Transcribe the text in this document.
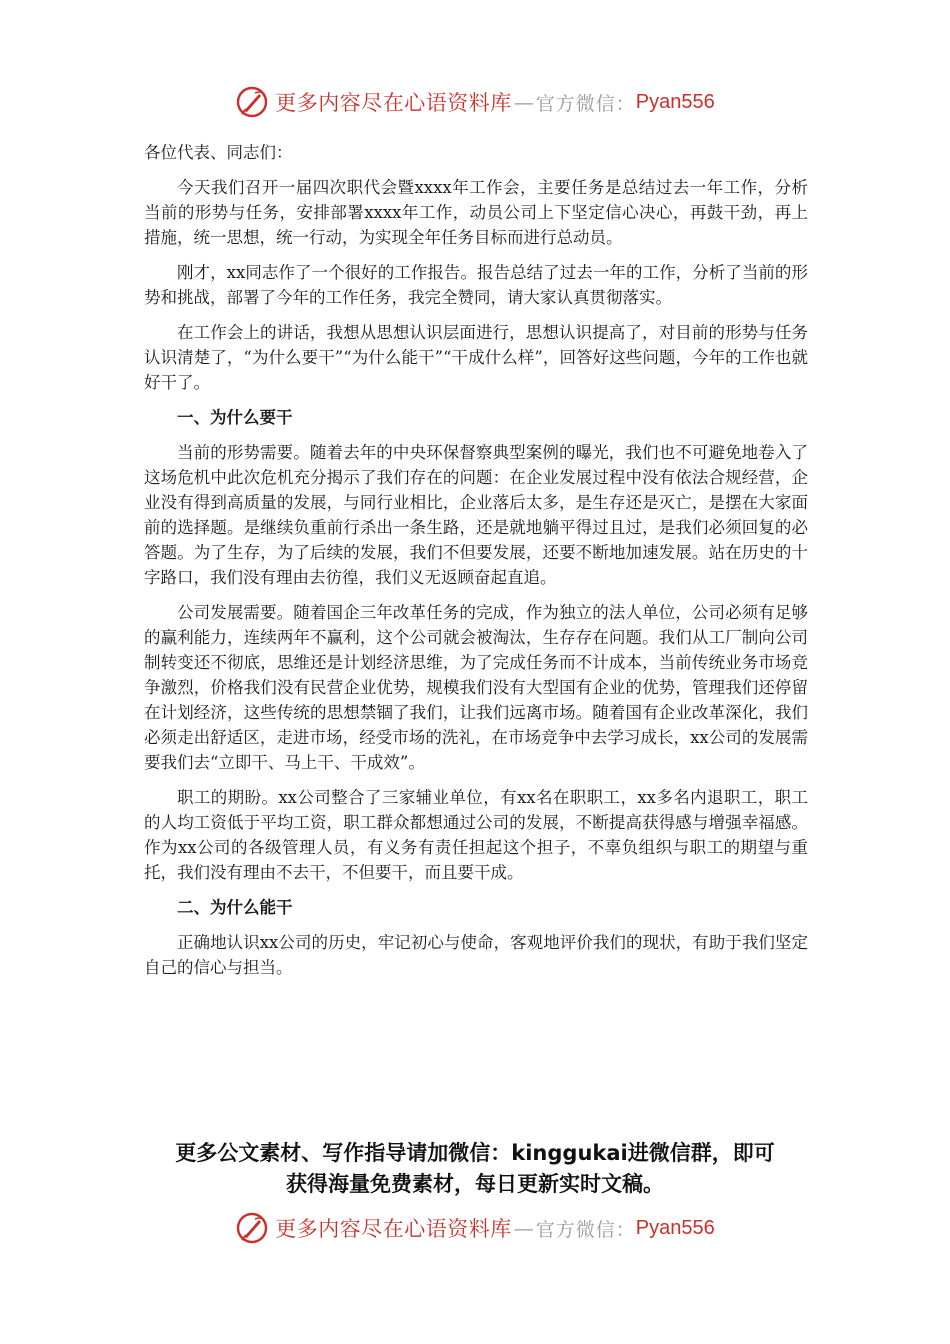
更多内容尽在心语资料库 — 官方微信： Pyan556

各位代表、同志们：

今天我们召开一届四次职代会暨xxxx年工作会，主要任务是总结过去一年工作，分析当前的形势与任务，安排部署xxxx年工作，动员公司上下坚定信心决心，再鼓干劲，再上措施，统一思想，统一行动，为实现全年任务目标而进行总动员。

刚才，xx同志作了一个很好的工作报告。报告总结了过去一年的工作，分析了当前的形势和挑战，部署了今年的工作任务，我完全赞同，请大家认真贯彻落实。

在工作会上的讲话，我想从思想认识层面进行，思想认识提高了，对目前的形势与任务认识清楚了，“为什么要干”“为什么能干”“干成什么样”，回答好这些问题，今年的工作也就好干了。

一、为什么要干

当前的形势需要。随着去年的中央环保督察典型案例的曝光，我们也不可避免地卷入了这场危机中此次危机充分揭示了我们存在的问题：在企业发展过程中没有依法合规经营，企业没有得到高质量的发展，与同行业相比，企业落后太多，是生存还是灭亡，是摆在大家面前的选择题。是继续负重前行杀出一条生路，还是就地躺平得过且过，是我们必须回复的必答题。为了生存，为了后续的发展，我们不但要发展，还要不断地加速发展。站在历史的十字路口，我们没有理由去彷徨，我们义无返顾奋起直追。

公司发展需要。随着国企三年改革任务的完成，作为独立的法人单位，公司必须有足够的赢利能力，连续两年不赢利，这个公司就会被淘汰，生存存在问题。我们从工厂制向公司制转变还不彻底，思维还是计划经济思维，为了完成任务而不计成本，当前传统业务市场竞争激烈，价格我们没有民营企业优势，规模我们没有大型国有企业的优势，管理我们还停留在计划经济，这些传统的思想禁锢了我们，让我们远离市场。随着国有企业改革深化，我们必须走出舒适区，走进市场，经受市场的洗礼，在市场竞争中去学习成长，xx公司的发展需要我们去“立即干、马上干、干成效”。

职工的期盼。xx公司整合了三家辅业单位，有xx名在职职工，xx多名内退职工，职工的人均工资低于平均工资，职工群众都想通过公司的发展，不断提高获得感与增强幸福感。作为xx公司的各级管理人员，有义务有责任担起这个担子，不辜负组织与职工的期望与重托，我们没有理由不去干，不但要干，而且要干成。

二、为什么能干

正确地认识xx公司的历史，牢记初心与使命，客观地评价我们的现状，有助于我们坚定自己的信心与担当。

更多公文素材、写作指导请加微信：kinggukai进微信群，即可
获得海量免费素材，每日更新实时文稿。
更多内容尽在心语资料库 — 官方微信： Pyan556
